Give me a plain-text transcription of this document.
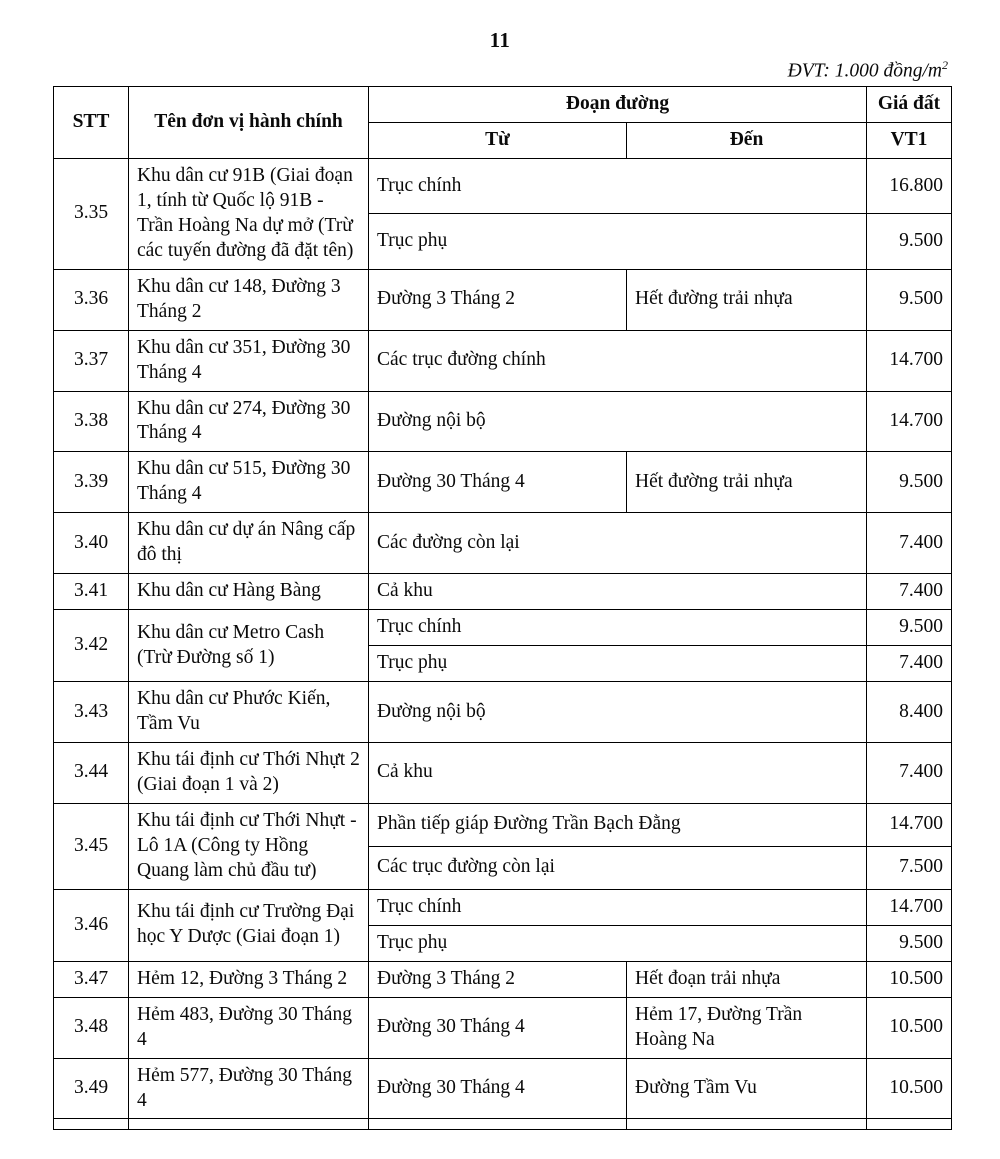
11
ĐVT: 1.000 đồng/$m^2$
STT	Tên đơn vị hành chính	Đoạn đường		Giá đất
		Từ	Đến	VT1
3.35	Khu dân cư 91B (Giai đoạn 1, tính từ Quốc lộ 91B - Trần Hoàng Na dự mở (Trừ các tuyến đường đã đặt tên)	Trục chính		16.800
		Trục phụ		9.500
3.36	Khu dân cư 148, Đường 3 Tháng 2	Đường 3 Tháng 2	Hết đường trải nhựa	9.500
3.37	Khu dân cư 351, Đường 30 Tháng 4	Các trục đường chính		14.700
3.38	Khu dân cư 274, Đường 30 Tháng 4	Đường nội bộ		14.700
3.39	Khu dân cư 515, Đường 30 Tháng 4	Đường 30 Tháng 4	Hết đường trải nhựa	9.500
3.40	Khu dân cư dự án Nâng cấp đô thị	Các đường còn lại		7.400
3.41	Khu dân cư Hàng Bàng	Cả khu		7.400
3.42	Khu dân cư Metro Cash (Trừ Đường số 1)	Trục chính		9.500
		Trục phụ		7.400
3.43	Khu dân cư Phước Kiến, Tầm Vu	Đường nội bộ		8.400
3.44	Khu tái định cư Thới Nhựt 2 (Giai đoạn 1 và 2)	Cả khu		7.400
3.45	Khu tái định cư Thới Nhựt - Lô 1A (Công ty Hồng Quang làm chủ đầu tư)	Phần tiếp giáp Đường Trần Bạch Đằng		14.700
		Các trục đường còn lại		7.500
3.46	Khu tái định cư Trường Đại học Y Dược (Giai đoạn 1)	Trục chính		14.700
		Trục phụ		9.500
3.47	Hẻm 12, Đường 3 Tháng 2	Đường 3 Tháng 2	Hết đoạn trải nhựa	10.500
3.48	Hẻm 483, Đường 30 Tháng 4	Đường 30 Tháng 4	Hẻm 17, Đường Trần Hoàng Na	10.500
3.49	Hẻm 577, Đường 30 Tháng 4	Đường 30 Tháng 4	Đường Tầm Vu	10.500
